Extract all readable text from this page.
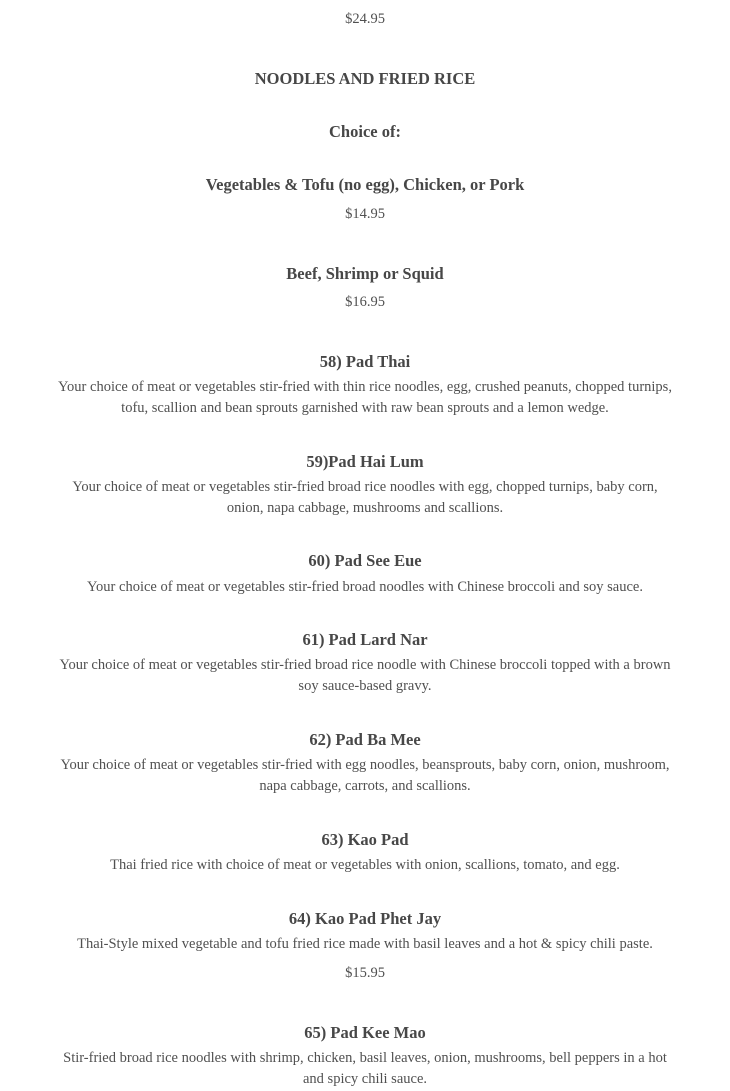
$24.95
NOODLES AND FRIED RICE
Choice of:
Vegetables & Tofu (no egg), Chicken, or Pork
$14.95
Beef, Shrimp or Squid
$16.95
58) Pad Thai
Your choice of meat or vegetables stir-fried with thin rice noodles, egg, crushed peanuts, chopped turnips,
tofu, scallion and bean sprouts garnished with raw bean sprouts and a lemon wedge.
59)Pad Hai Lum
Your choice of meat or vegetables stir-fried broad rice noodles with egg, chopped turnips, baby corn,
onion, napa cabbage, mushrooms and scallions.
60) Pad See Eue
Your choice of meat or vegetables stir-fried broad noodles with Chinese broccoli and soy sauce.
61) Pad Lard Nar
Your choice of meat or vegetables stir-fried broad rice noodle with Chinese broccoli topped with a brown
soy sauce-based gravy.
62) Pad Ba Mee
Your choice of meat or vegetables stir-fried with egg noodles, beansprouts, baby corn, onion, mushroom,
napa cabbage, carrots, and scallions.
63) Kao Pad
Thai fried rice with choice of meat or vegetables with onion, scallions, tomato, and egg.
64) Kao Pad Phet Jay
Thai-Style mixed vegetable and tofu fried rice made with basil leaves and a hot & spicy chili paste.
$15.95
65) Pad Kee Mao
Stir-fried broad rice noodles with shrimp, chicken, basil leaves, onion, mushrooms, bell peppers in a hot
and spicy chili sauce.
